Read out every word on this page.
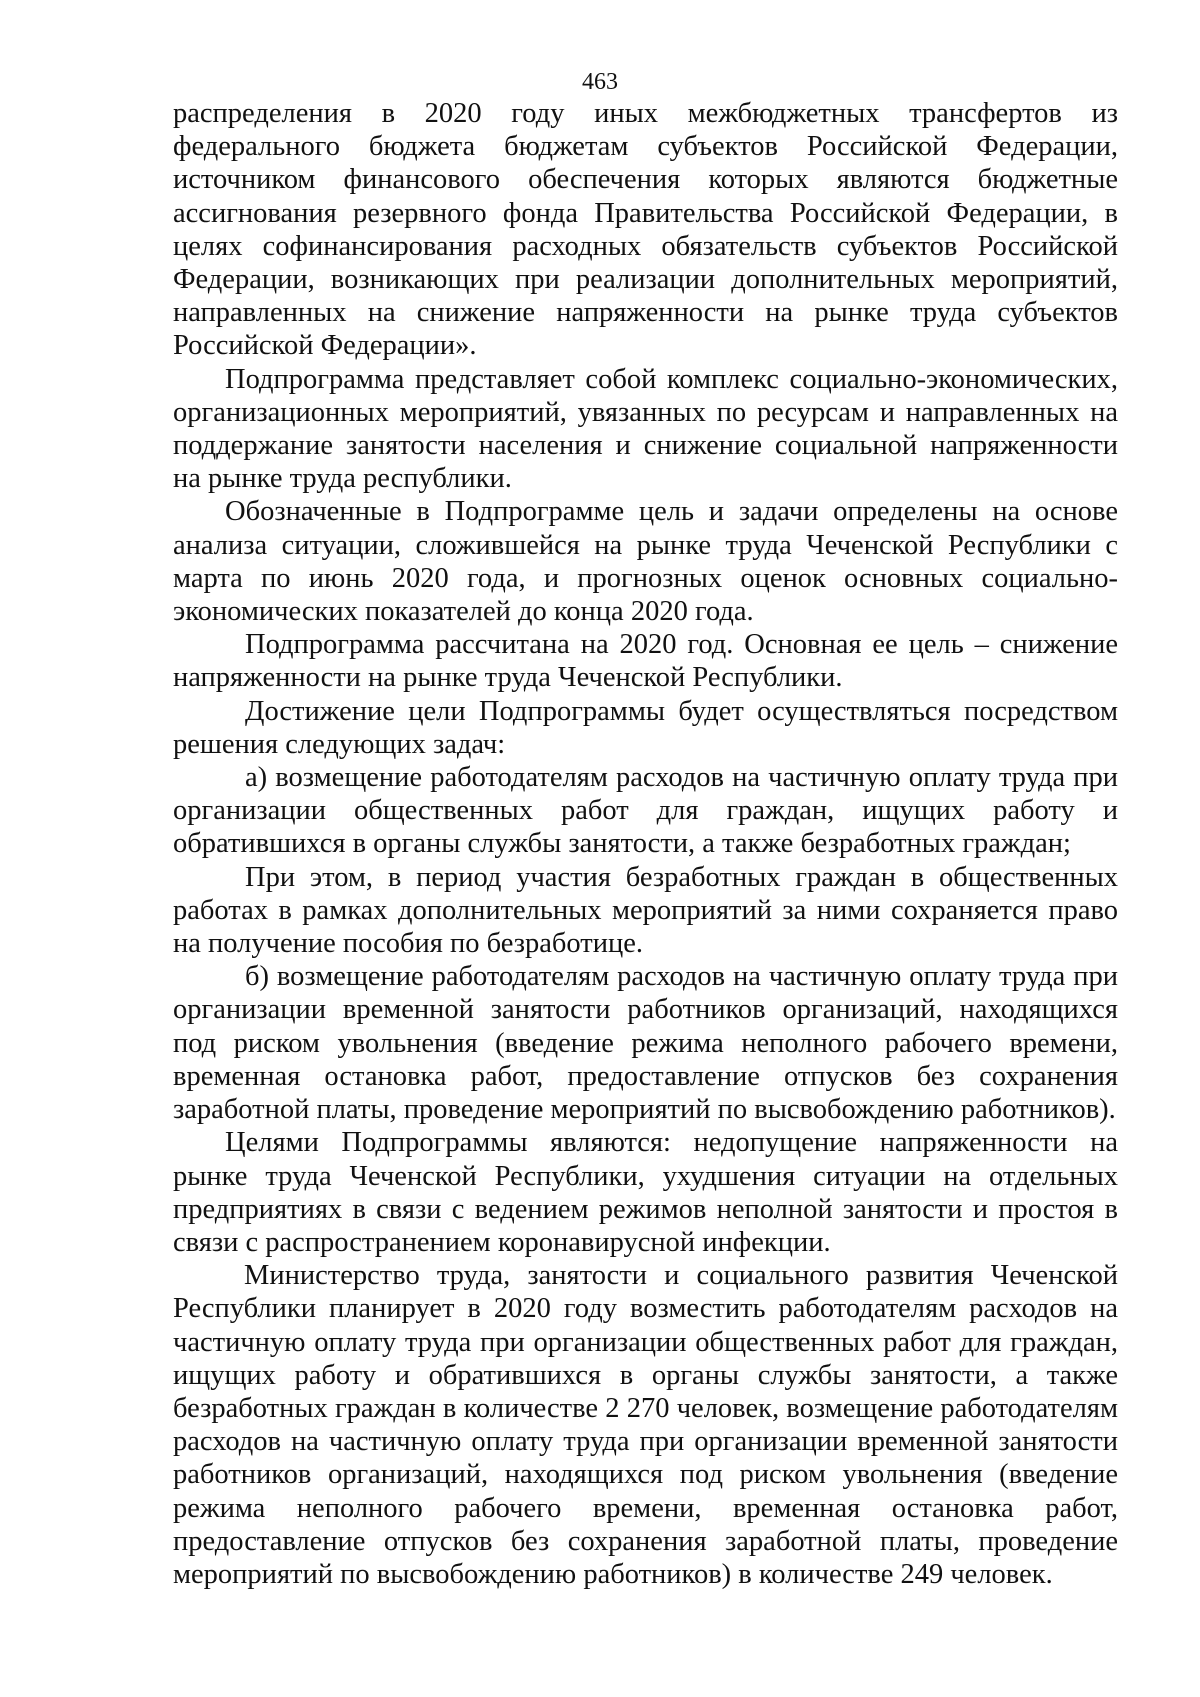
463

распределения в 2020 году иных межбюджетных трансфертов из федерального бюджета бюджетам субъектов Российской Федерации, источником финансового обеспечения которых являются бюджетные ассигнования резервного фонда Правительства Российской Федерации, в целях софинансирования расходных обязательств субъектов Российской Федерации, возникающих при реализации дополнительных мероприятий, направленных на снижение напряженности на рынке труда субъектов Российской Федерации».

Подпрограмма представляет собой комплекс социально-экономических, организационных мероприятий, увязанных по ресурсам и направленных на поддержание занятости населения и снижение социальной напряженности на рынке труда республики.

Обозначенные в Подпрограмме цель и задачи определены на основе анализа ситуации, сложившейся на рынке труда Чеченской Республики с марта по июнь 2020 года, и прогнозных оценок основных социально-экономических показателей до конца 2020 года.

Подпрограмма рассчитана на 2020 год. Основная ее цель – снижение напряженности на рынке труда Чеченской Республики.

Достижение цели Подпрограммы будет осуществляться посредством решения следующих задач:

а) возмещение работодателям расходов на частичную оплату труда при организации общественных работ для граждан, ищущих работу и обратившихся в органы службы занятости, а также безработных граждан;

При этом, в период участия безработных граждан в общественных работах в рамках дополнительных мероприятий за ними сохраняется право на получение пособия по безработице.

б) возмещение работодателям расходов на частичную оплату труда при организации временной занятости работников организаций, находящихся под риском увольнения (введение режима неполного рабочего времени, временная остановка работ, предоставление отпусков без сохранения заработной платы, проведение мероприятий по высвобождению работников).

Целями Подпрограммы являются: недопущение напряженности на рынке труда Чеченской Республики, ухудшения ситуации на отдельных предприятиях в связи с ведением режимов неполной занятости и простоя в связи с распространением коронавирусной инфекции.

Министерство труда, занятости и социального развития Чеченской Республики планирует в 2020 году возместить работодателям расходов на частичную оплату труда при организации общественных работ для граждан, ищущих работу и обратившихся в органы службы занятости, а также безработных граждан в количестве 2 270 человек, возмещение работодателям расходов на частичную оплату труда при организации временной занятости работников организаций, находящихся под риском увольнения (введение режима неполного рабочего времени, временная остановка работ, предоставление отпусков без сохранения заработной платы, проведение мероприятий по высвобождению работников) в количестве 249 человек.
